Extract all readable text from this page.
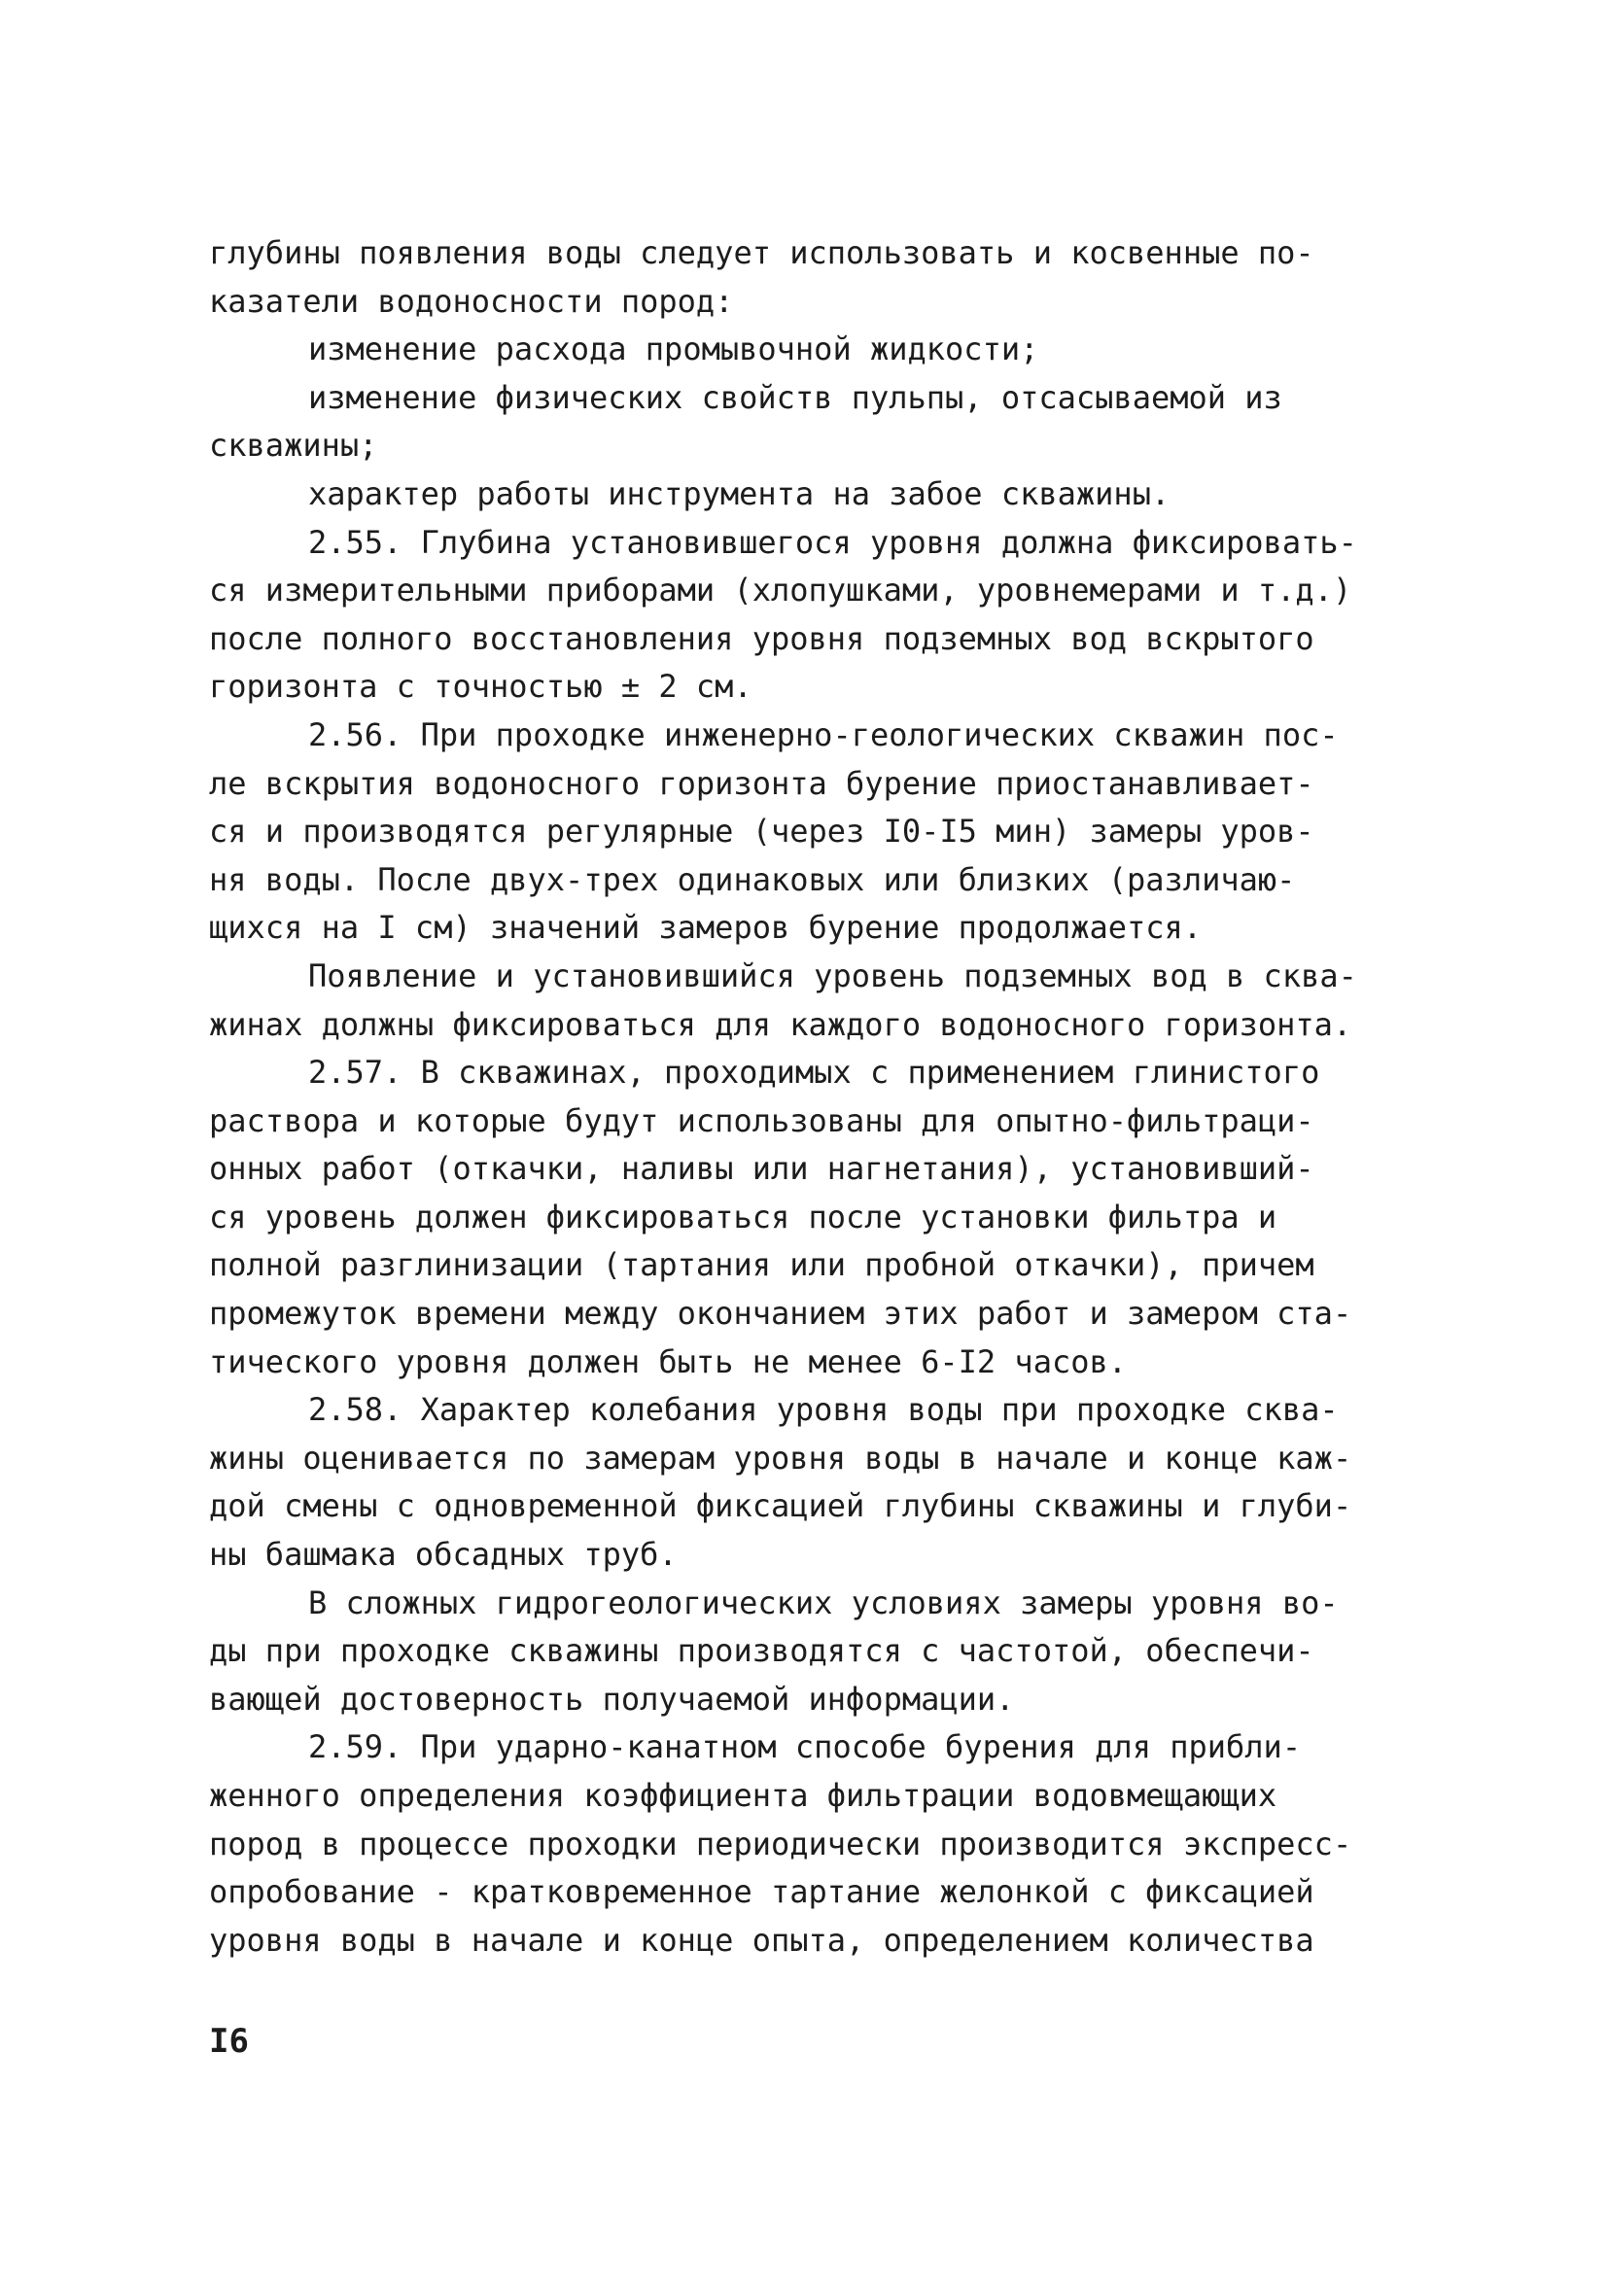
глубины появления воды следует использовать и косвенные по-
казатели водоносности пород:
изменение расхода промывочной жидкости;
изменение физических свойств пульпы, отсасываемой из
скважины;
характер работы инструмента на забое скважины.
2.55. Глубина установившегося уровня должна фиксировать-
ся измерительными приборами (хлопушками, уровнемерами и т.д.)
после полного восстановления уровня подземных вод вскрытого
горизонта с точностью ± 2 см.
2.56. При проходке инженерно-геологических скважин пос-
ле вскрытия водоносного горизонта бурение приостанавливает-
ся и производятся регулярные (через I0-I5 мин) замеры уров-
ня воды. После двух-трех одинаковых или близких (различаю-
щихся на I см) значений замеров бурение продолжается.
Появление и установившийся уровень подземных вод в сква-
жинах должны фиксироваться для каждого водоносного горизонта.
2.57. В скважинах, проходимых с применением глинистого
раствора и которые будут использованы для опытно-фильтраци-
онных работ (откачки, наливы или нагнетания), установивший-
ся уровень должен фиксироваться после установки фильтра и
полной разглинизации (тартания или пробной откачки), причем
промежуток времени между окончанием этих работ и замером ста-
тического уровня должен быть не менее 6-I2 часов.
2.58. Характер колебания уровня воды при проходке сква-
жины оценивается по замерам уровня воды в начале и конце каж-
дой смены с одновременной фиксацией глубины скважины и глуби-
ны башмака обсадных труб.
В сложных гидрогеологических условиях замеры уровня во-
ды при проходке скважины производятся с частотой, обеспечи-
вающей достоверность получаемой информации.
2.59. При ударно-канатном способе бурения для прибли-
женного определения коэффициента фильтрации водовмещающих
пород в процессе проходки периодически производится экспресс-
опробование - кратковременное тартание желонкой с фиксацией
уровня воды в начале и конце опыта, определением количества
I6
